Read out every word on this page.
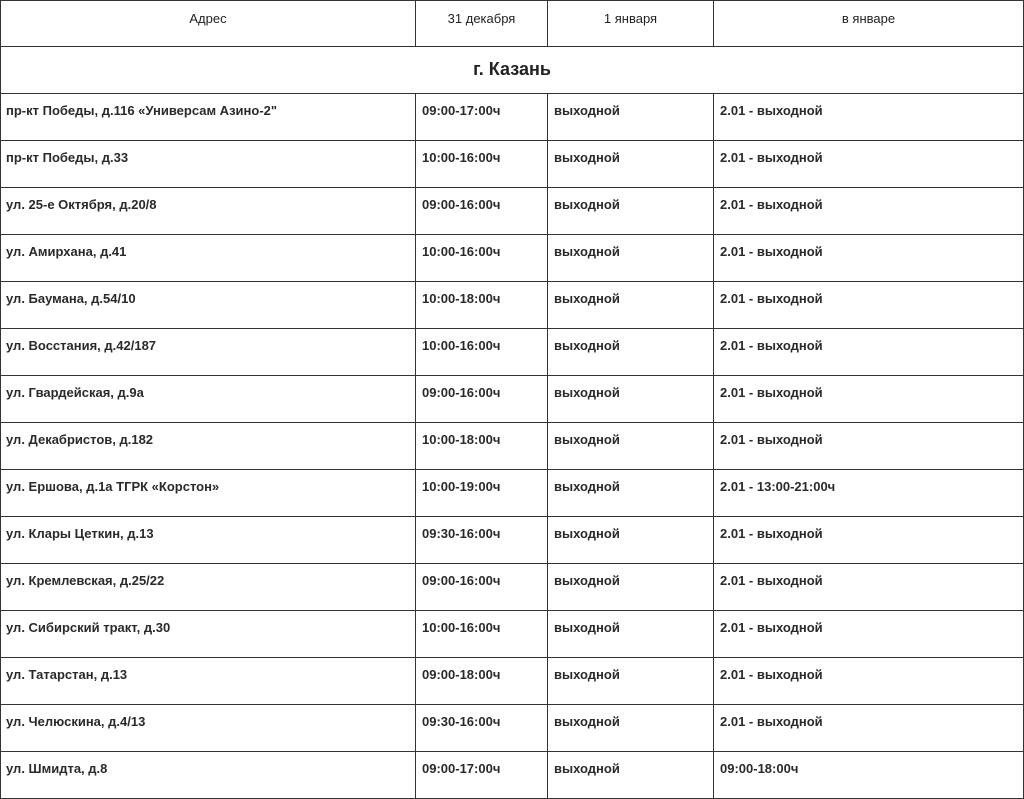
Адрес	31 декабря	1 января	в январе
г. Казань			
пр-кт Победы, д.116 «Универсам Азино-2"	09:00-17:00ч	выходной	2.01 - выходной
пр-кт Победы, д.33	10:00-16:00ч	выходной	2.01 - выходной
ул. 25-е Октября, д.20/8	09:00-16:00ч	выходной	2.01 - выходной
ул. Амирхана, д.41	10:00-16:00ч	выходной	2.01 - выходной
ул. Баумана, д.54/10	10:00-18:00ч	выходной	2.01 - выходной
ул. Восстания, д.42/187	10:00-16:00ч	выходной	2.01 - выходной
ул. Гвардейская, д.9а	09:00-16:00ч	выходной	2.01 - выходной
ул. Декабристов, д.182	10:00-18:00ч	выходной	2.01 - выходной
ул. Ершова, д.1а ТГРК «Корстон»	10:00-19:00ч	выходной	2.01 - 13:00-21:00ч
ул. Клары Цеткин, д.13	09:30-16:00ч	выходной	2.01 - выходной
ул. Кремлевская, д.25/22	09:00-16:00ч	выходной	2.01 - выходной
ул. Сибирский тракт, д.30	10:00-16:00ч	выходной	2.01 - выходной
ул. Татарстан, д.13	09:00-18:00ч	выходной	2.01 - выходной
ул. Челюскина, д.4/13	09:30-16:00ч	выходной	2.01 - выходной
ул. Шмидта, д.8	09:00-17:00ч	выходной	09:00-18:00ч
